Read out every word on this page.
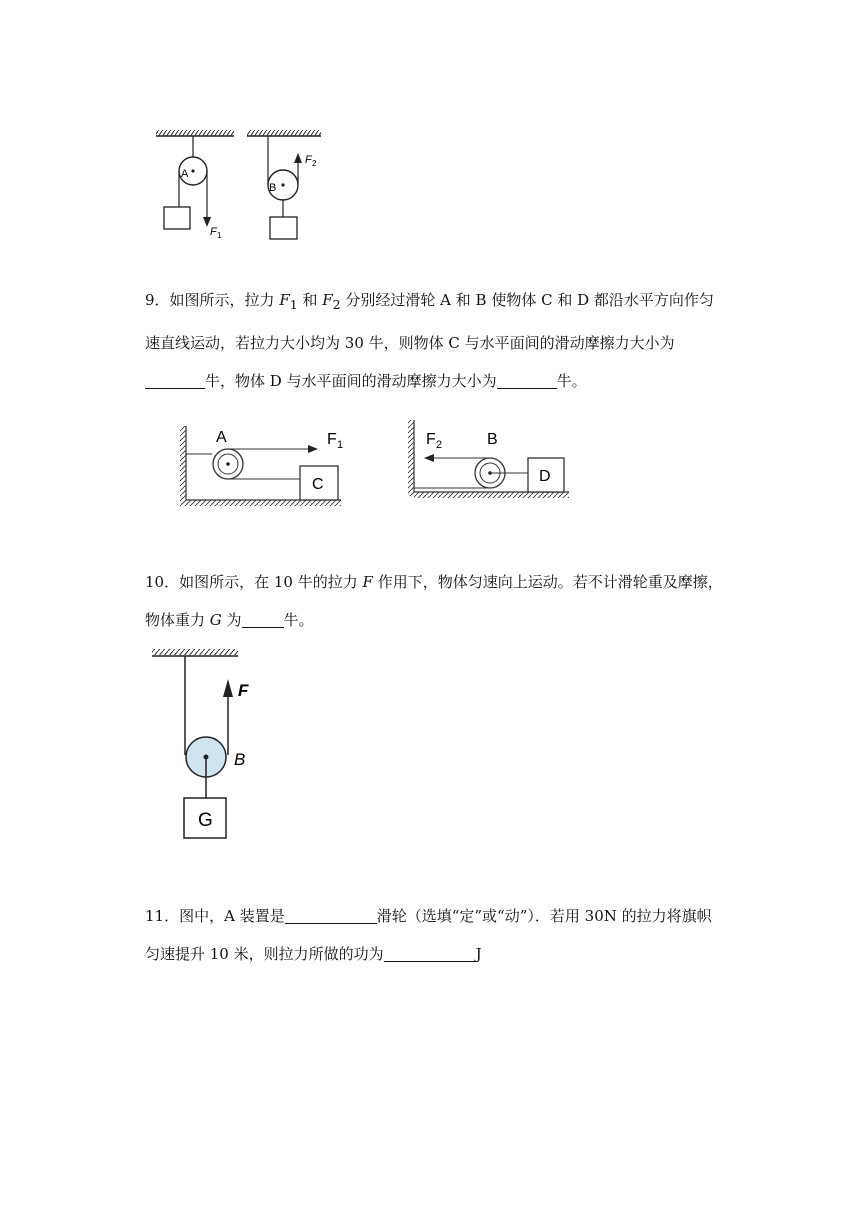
A
F 1
B
F 2

9．如图所示，拉力 $F_1$ 和 $F_2$ 分别经过滑轮 A 和 B 使物体 C 和 D 都沿水平方向作匀速直线运动，若拉力大小均为 30 牛，则物体 C 与水平面间的滑动摩擦力大小为牛，物体 D 与水平面间的滑动摩擦力大小为	牛。

A	F 1
C
F 2	B
D

10．如图所示，在 10 牛的拉力 F 作用下，物体匀速向上运动。若不计滑轮重及摩擦，物体重力 G 为	牛。

F
B
G

11．图中，A 装置是	滑轮（选填“定”或“动”）．若用 30N 的拉力将旗帜匀速提升 10 米，则拉力所做的功为	J
